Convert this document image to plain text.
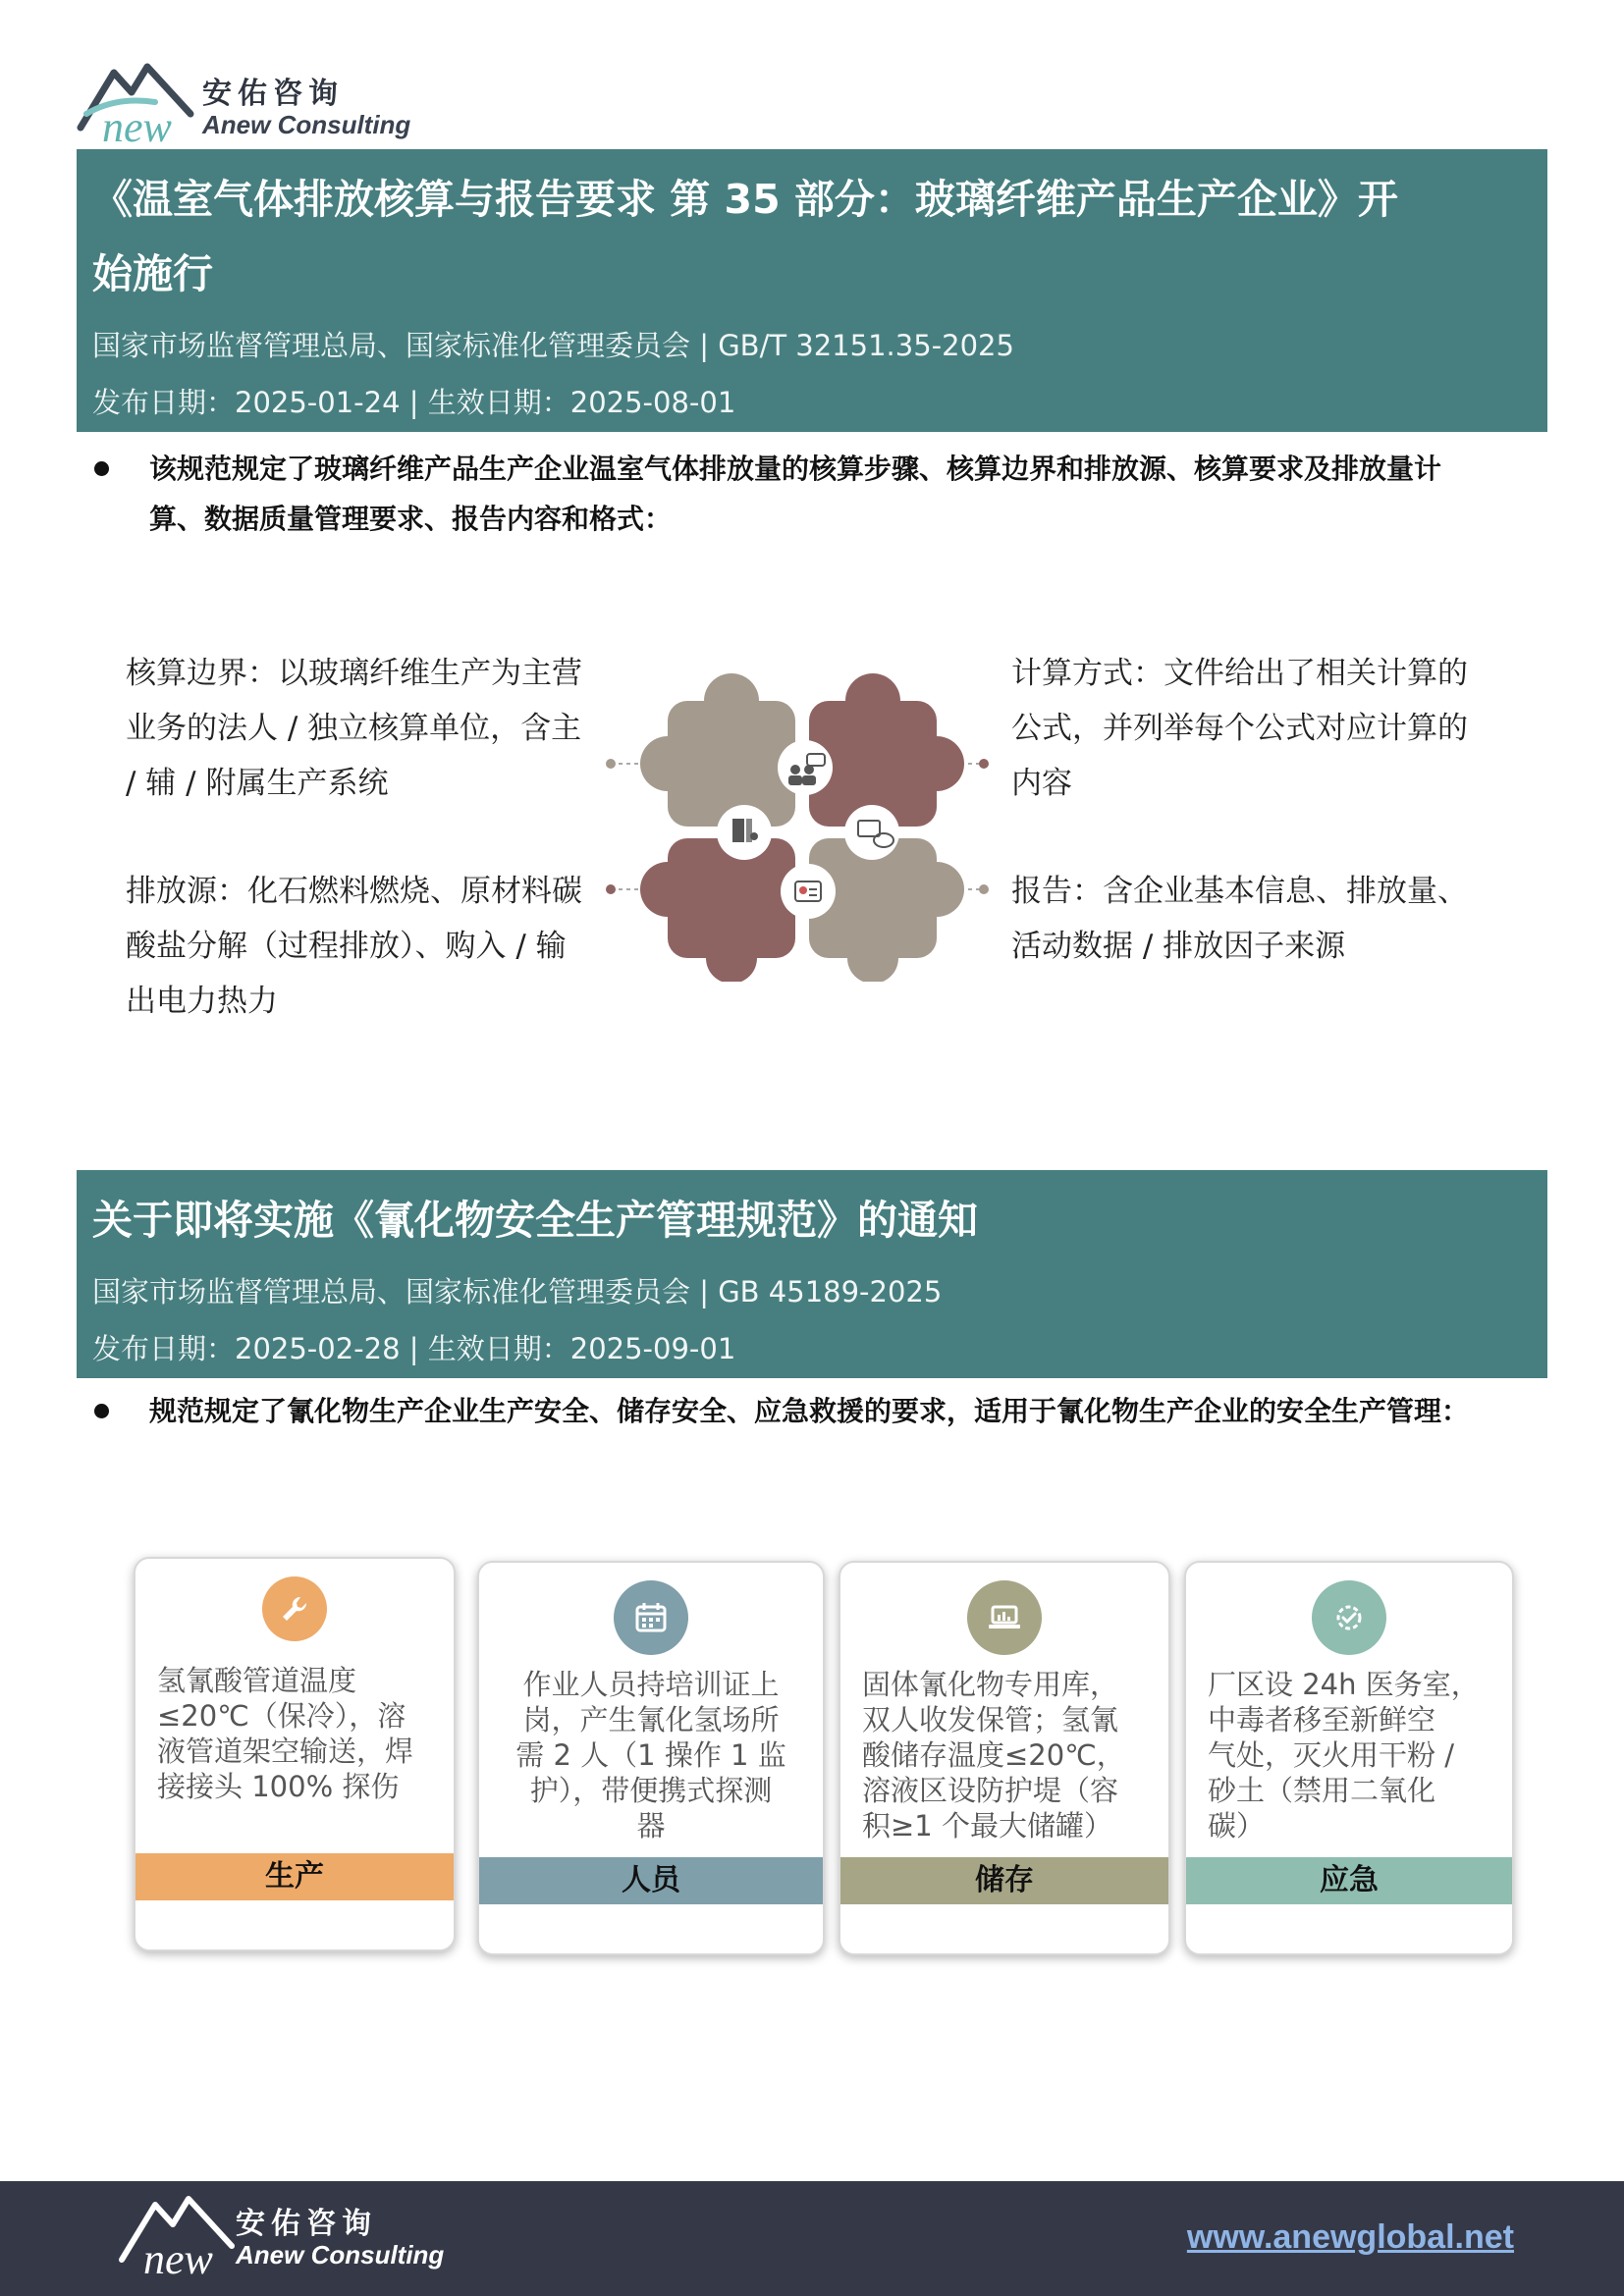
new
安佑咨询
Anew Consulting
《温室气体排放核算与报告要求 第 35 部分：玻璃纤维产品生产企业》开
始施行
国家市场监督管理总局、国家标准化管理委员会 | GB/T 32151.35-2025
发布日期：2025-01-24 | 生效日期：2025-08-01
该规范规定了玻璃纤维产品生产企业温室气体排放量的核算步骤、核算边界和排放源、核算要求及排放量计
算、数据质量管理要求、报告内容和格式：
核算边界：以玻璃纤维生产为主营
业务的法人 / 独立核算单位，含主
/ 辅 / 附属生产系统
计算方式：文件给出了相关计算的
公式，并列举每个公式对应计算的
内容
排放源：化石燃料燃烧、原材料碳
酸盐分解（过程排放）、购入 / 输
出电力热力
报告：含企业基本信息、排放量、
活动数据 / 排放因子来源
关于即将实施《氰化物安全生产管理规范》的通知
国家市场监督管理总局、国家标准化管理委员会 | GB 45189-2025
发布日期：2025-02-28 | 生效日期：2025-09-01
规范规定了氰化物生产企业生产安全、储存安全、应急救援的要求，适用于氰化物生产企业的安全生产管理：
氢氰酸管道温度
≤20℃（保冷），溶
液管道架空输送，焊
接接头 100% 探伤
生产
作业人员持培训证上
岗，产生氰化氢场所
需 2 人（1 操作 1 监
护），带便携式探测
器
人员
固体氰化物专用库，
双人收发保管；氢氰
酸储存温度≤20℃，
溶液区设防护堤（容
积≥1 个最大储罐）
储存
厂区设 24h 医务室，
中毒者移至新鲜空
气处，灭火用干粉 /
砂土（禁用二氧化
碳）
应急
new
安佑咨询
Anew Consulting	www.anewglobal.net
